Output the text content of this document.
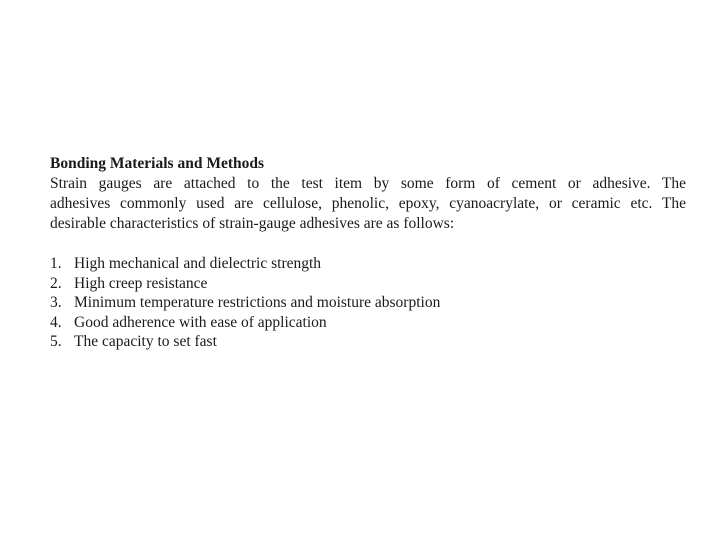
Bonding Materials and Methods

Strain gauges are attached to the test item by some form of cement or adhesive. The
adhesives commonly used are cellulose, phenolic, epoxy, cyanoacrylate, or ceramic etc. The
desirable characteristics of strain-gauge adhesives are as follows:

1. High mechanical and dielectric strength
2. High creep resistance
3. Minimum temperature restrictions and moisture absorption
4. Good adherence with ease of application
5. The capacity to set fast
